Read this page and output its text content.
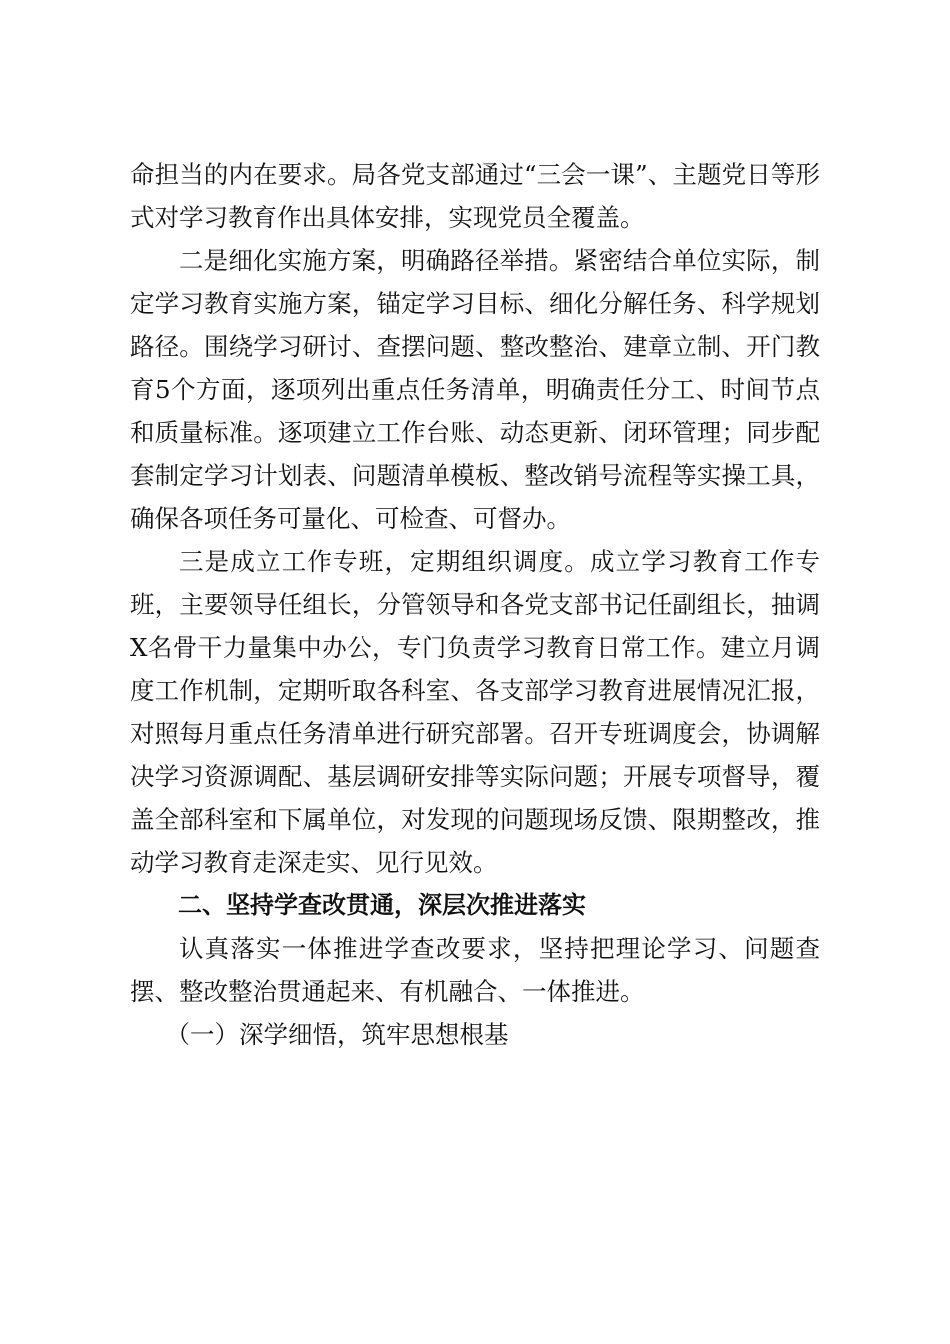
命担当的内在要求。局各党支部通过“三会一课”、主题党日等形式对学习教育作出具体安排，实现党员全覆盖。

二是细化实施方案，明确路径举措。紧密结合单位实际，制定学习教育实施方案，锚定学习目标、细化分解任务、科学规划路径。围绕学习研讨、查摆问题、整改整治、建章立制、开门教育5个方面，逐项列出重点任务清单，明确责任分工、时间节点和质量标准。逐项建立工作台账、动态更新、闭环管理；同步配套制定学习计划表、问题清单模板、整改销号流程等实操工具，确保各项任务可量化、可检查、可督办。

三是成立工作专班，定期组织调度。成立学习教育工作专班，主要领导任组长，分管领导和各党支部书记任副组长，抽调X名骨干力量集中办公，专门负责学习教育日常工作。建立月调度工作机制，定期听取各科室、各支部学习教育进展情况汇报，对照每月重点任务清单进行研究部署。召开专班调度会，协调解决学习资源调配、基层调研安排等实际问题；开展专项督导，覆盖全部科室和下属单位，对发现的问题现场反馈、限期整改，推动学习教育走深走实、见行见效。

二、坚持学查改贯通，深层次推进落实

认真落实一体推进学查改要求，坚持把理论学习、问题查摆、整改整治贯通起来、有机融合、一体推进。

（一）深学细悟，筑牢思想根基
